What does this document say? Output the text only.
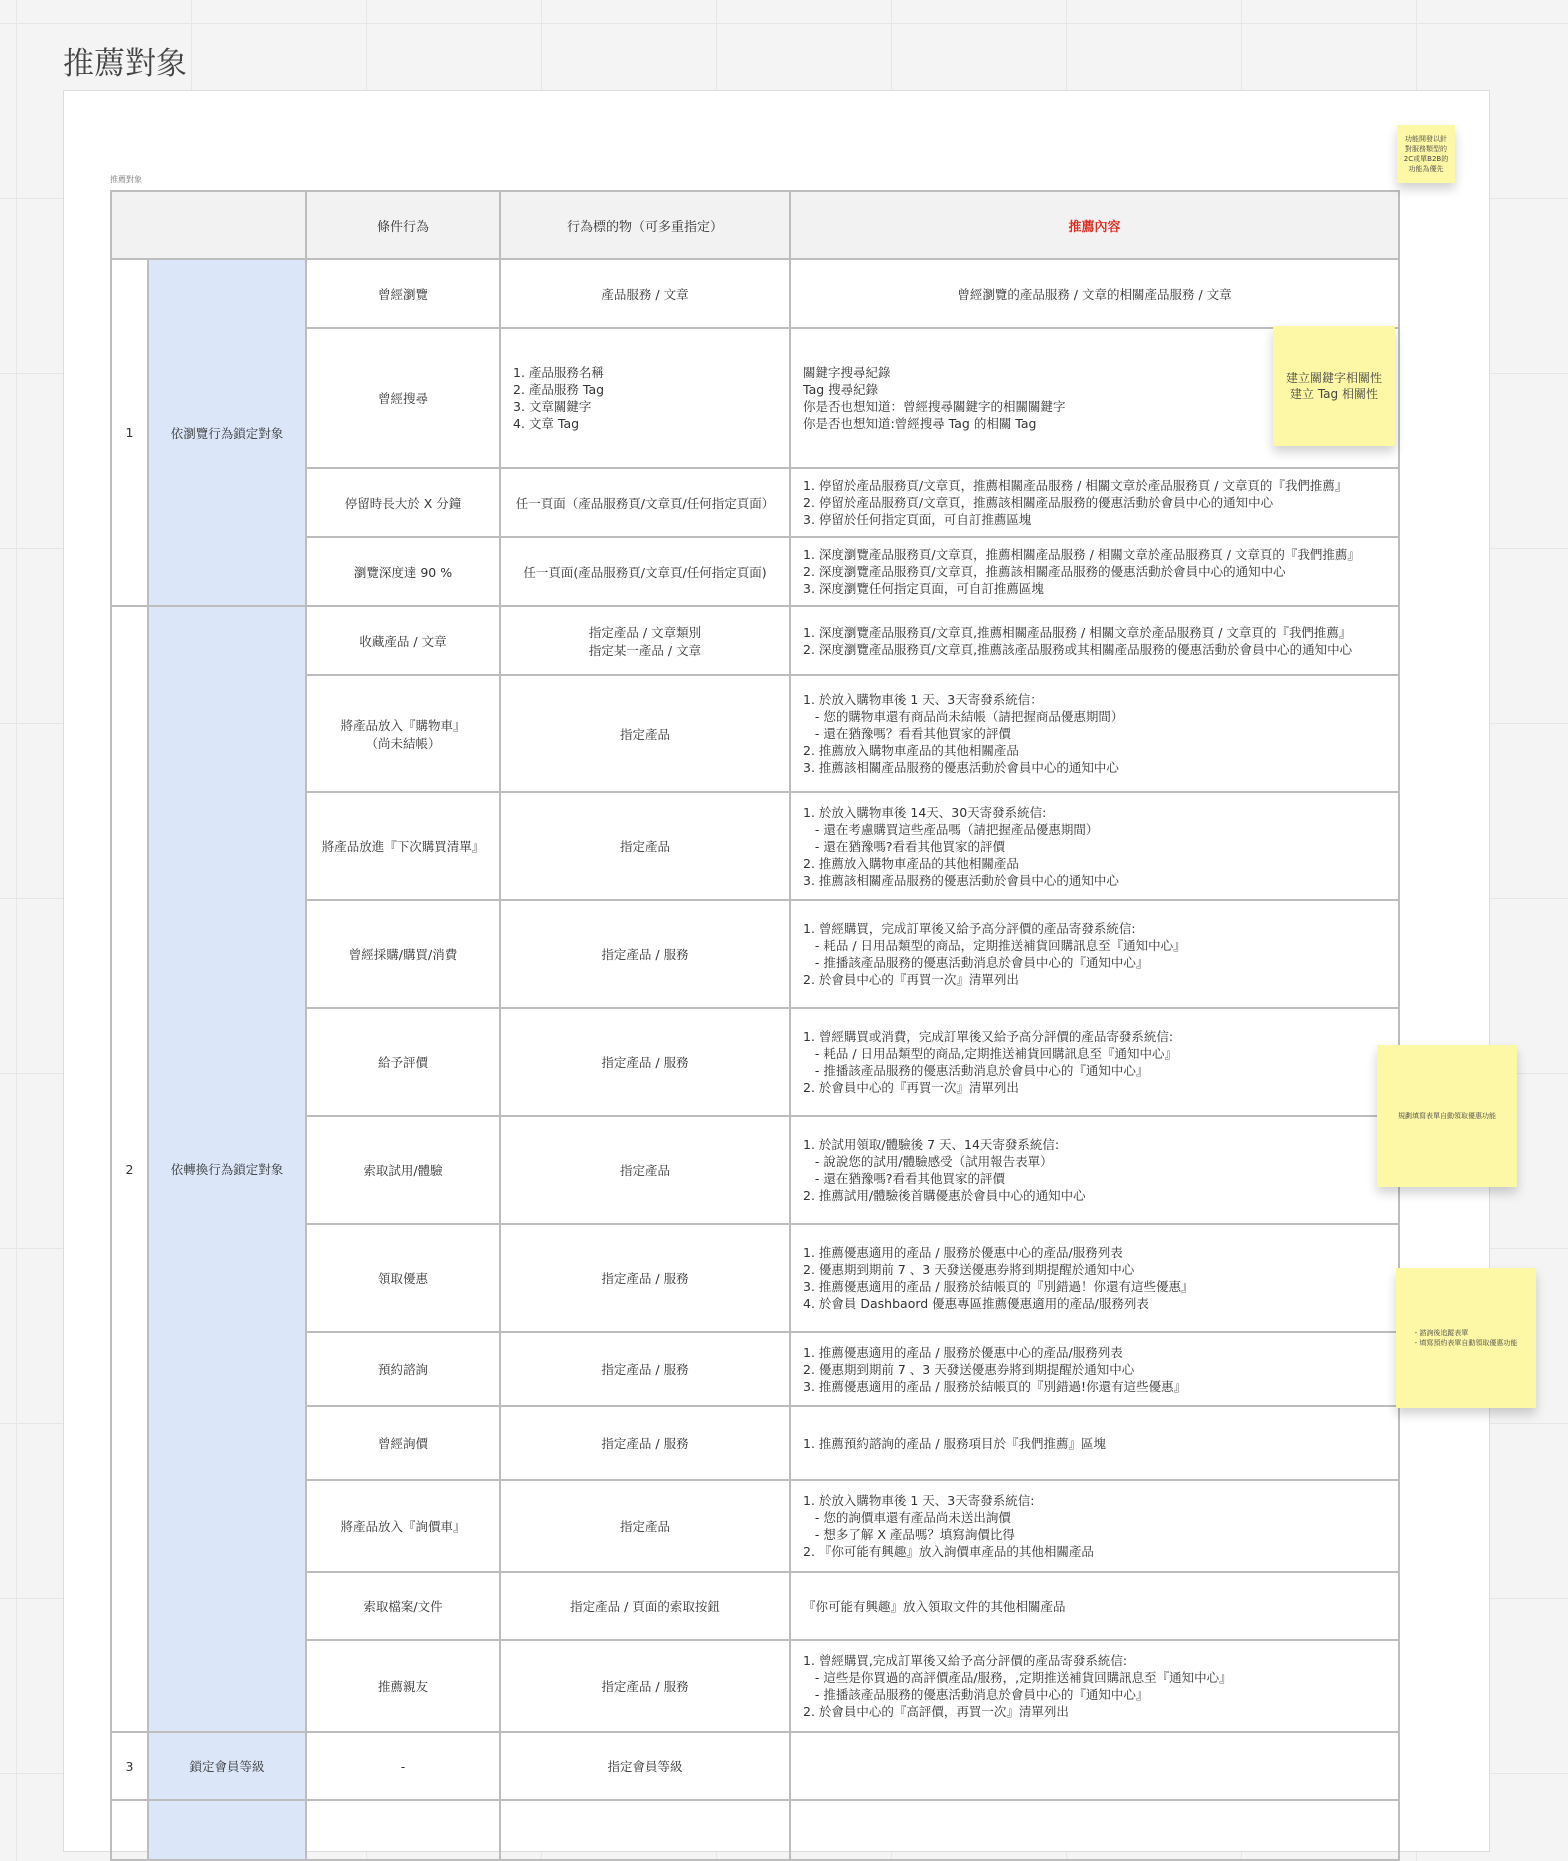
推薦對象
推薦對象
		條件行為	行為標的物（可多重指定）	推薦內容
1	依瀏覽行為鎖定對象	曾經瀏覽	產品服務 / 文章	曾經瀏覽的產品服務 / 文章的相關產品服務 / 文章
		曾經搜尋	1. 產品服務名稱
2. 產品服務 Tag
3. 文章關鍵字
4. 文章 Tag	關鍵字搜尋紀錄
Tag 搜尋紀錄
你是否也想知道：曾經搜尋關鍵字的相關關鍵字
你是否也想知道:曾經搜尋 Tag 的相關 Tag

		停留時長大於 X 分鐘	任一頁面（產品服務頁/文章頁/任何指定頁面）	1. 停留於產品服務頁/文章頁，推薦相關產品服務 / 相關文章於產品服務頁 / 文章頁的『我們推薦』
2. 停留於產品服務頁/文章頁，推薦該相關產品服務的優惠活動於會員中心的通知中心
3. 停留於任何指定頁面，可自訂推薦區塊

		瀏覽深度達 90 %	任一頁面(產品服務頁/文章頁/任何指定頁面)	1. 深度瀏覽產品服務頁/文章頁，推薦相關產品服務 / 相關文章於產品服務頁 / 文章頁的『我們推薦』
2. 深度瀏覽產品服務頁/文章頁，推薦該相關產品服務的優惠活動於會員中心的通知中心
3. 深度瀏覽任何指定頁面，可自訂推薦區塊

2	依轉換行為鎖定對象	收藏產品 / 文章	指定產品 / 文章類別
指定某一產品 / 文章	1. 深度瀏覽產品服務頁/文章頁,推薦相關產品服務 / 相關文章於產品服務頁 / 文章頁的『我們推薦』
2. 深度瀏覽產品服務頁/文章頁,推薦該產品服務或其相關產品服務的優惠活動於會員中心的通知中心

		將產品放入『購物車』
（尚未結帳）	指定產品	1. 於放入購物車後 1 天、3天寄發系統信：
- 您的購物車還有商品尚未結帳（請把握商品優惠期間）
- 還在猶豫嗎？看看其他買家的評價
2. 推薦放入購物車產品的其他相關產品
3. 推薦該相關產品服務的優惠活動於會員中心的通知中心

		將產品放進『下次購買清單』	指定產品	1. 於放入購物車後 14天、30天寄發系統信:
- 還在考慮購買這些產品嗎（請把握產品優惠期間）
- 還在猶豫嗎?看看其他買家的評價
2. 推薦放入購物車產品的其他相關產品
3. 推薦該相關產品服務的優惠活動於會員中心的通知中心

		曾經採購/購買/消費	指定產品 / 服務	1. 曾經購買，完成訂單後又給予高分評價的產品寄發系統信:
- 耗品 / 日用品類型的商品，定期推送補貨回購訊息至『通知中心』
- 推播該產品服務的優惠活動消息於會員中心的『通知中心』
2. 於會員中心的『再買一次』清單列出

		給予評價	指定產品 / 服務	1. 曾經購買或消費，完成訂單後又給予高分評價的產品寄發系統信:
- 耗品 / 日用品類型的商品,定期推送補貨回購訊息至『通知中心』
- 推播該產品服務的優惠活動消息於會員中心的『通知中心』
2. 於會員中心的『再買一次』清單列出

		索取試用/體驗	指定產品	1. 於試用領取/體驗後 7 天、14天寄發系統信:
- 說說您的試用/體驗感受（試用報告表單）
- 還在猶豫嗎?看看其他買家的評價
2. 推薦試用/體驗後首購優惠於會員中心的通知中心

		領取優惠	指定產品 / 服務	1. 推薦優惠適用的產品 / 服務於優惠中心的產品/服務列表
2. 優惠期到期前 7 、3 天發送優惠券將到期提醒於通知中心
3. 推薦優惠適用的產品 / 服務於結帳頁的『別錯過！你還有這些優惠』
4. 於會員 Dashbaord 優惠專區推薦優惠適用的產品/服務列表

		預約諮詢	指定產品 / 服務	1. 推薦優惠適用的產品 / 服務於優惠中心的產品/服務列表
2. 優惠期到期前 7 、3 天發送優惠券將到期提醒於通知中心
3. 推薦優惠適用的產品 / 服務於結帳頁的『別錯過!你還有這些優惠』

		曾經詢價	指定產品 / 服務	1. 推薦預約諮詢的產品 / 服務項目於『我們推薦』區塊

		將產品放入『詢價車』	指定產品	1. 於放入購物車後 1 天、3天寄發系統信:
- 您的詢價車還有產品尚未送出詢價
- 想多了解 X 產品嗎？填寫詢價比得
2. 『你可能有興趣』放入詢價車產品的其他相關產品

		索取檔案/文件	指定產品 / 頁面的索取按鈕	『你可能有興趣』放入領取文件的其他相關產品
		推薦親友	指定產品 / 服務	1. 曾經購買,完成訂單後又給予高分評價的產品寄發系統信:
- 這些是你買過的高評價產品/服務，,定期推送補貨回購訊息至『通知中心』
- 推播該產品服務的優惠活動消息於會員中心的『通知中心』
2. 於會員中心的『高評價，再買一次』清單列出

3	鎖定會員等級	-	指定會員等級	

功能開發以針
對服務類型的
2C或單B2B的
功能為優先
建立關鍵字相關性
建立 Tag 相關性
規劃填寫表單自動領取優惠功能
- 諮詢後追蹤表單
- 填寫預約表單自動領取優惠功能
